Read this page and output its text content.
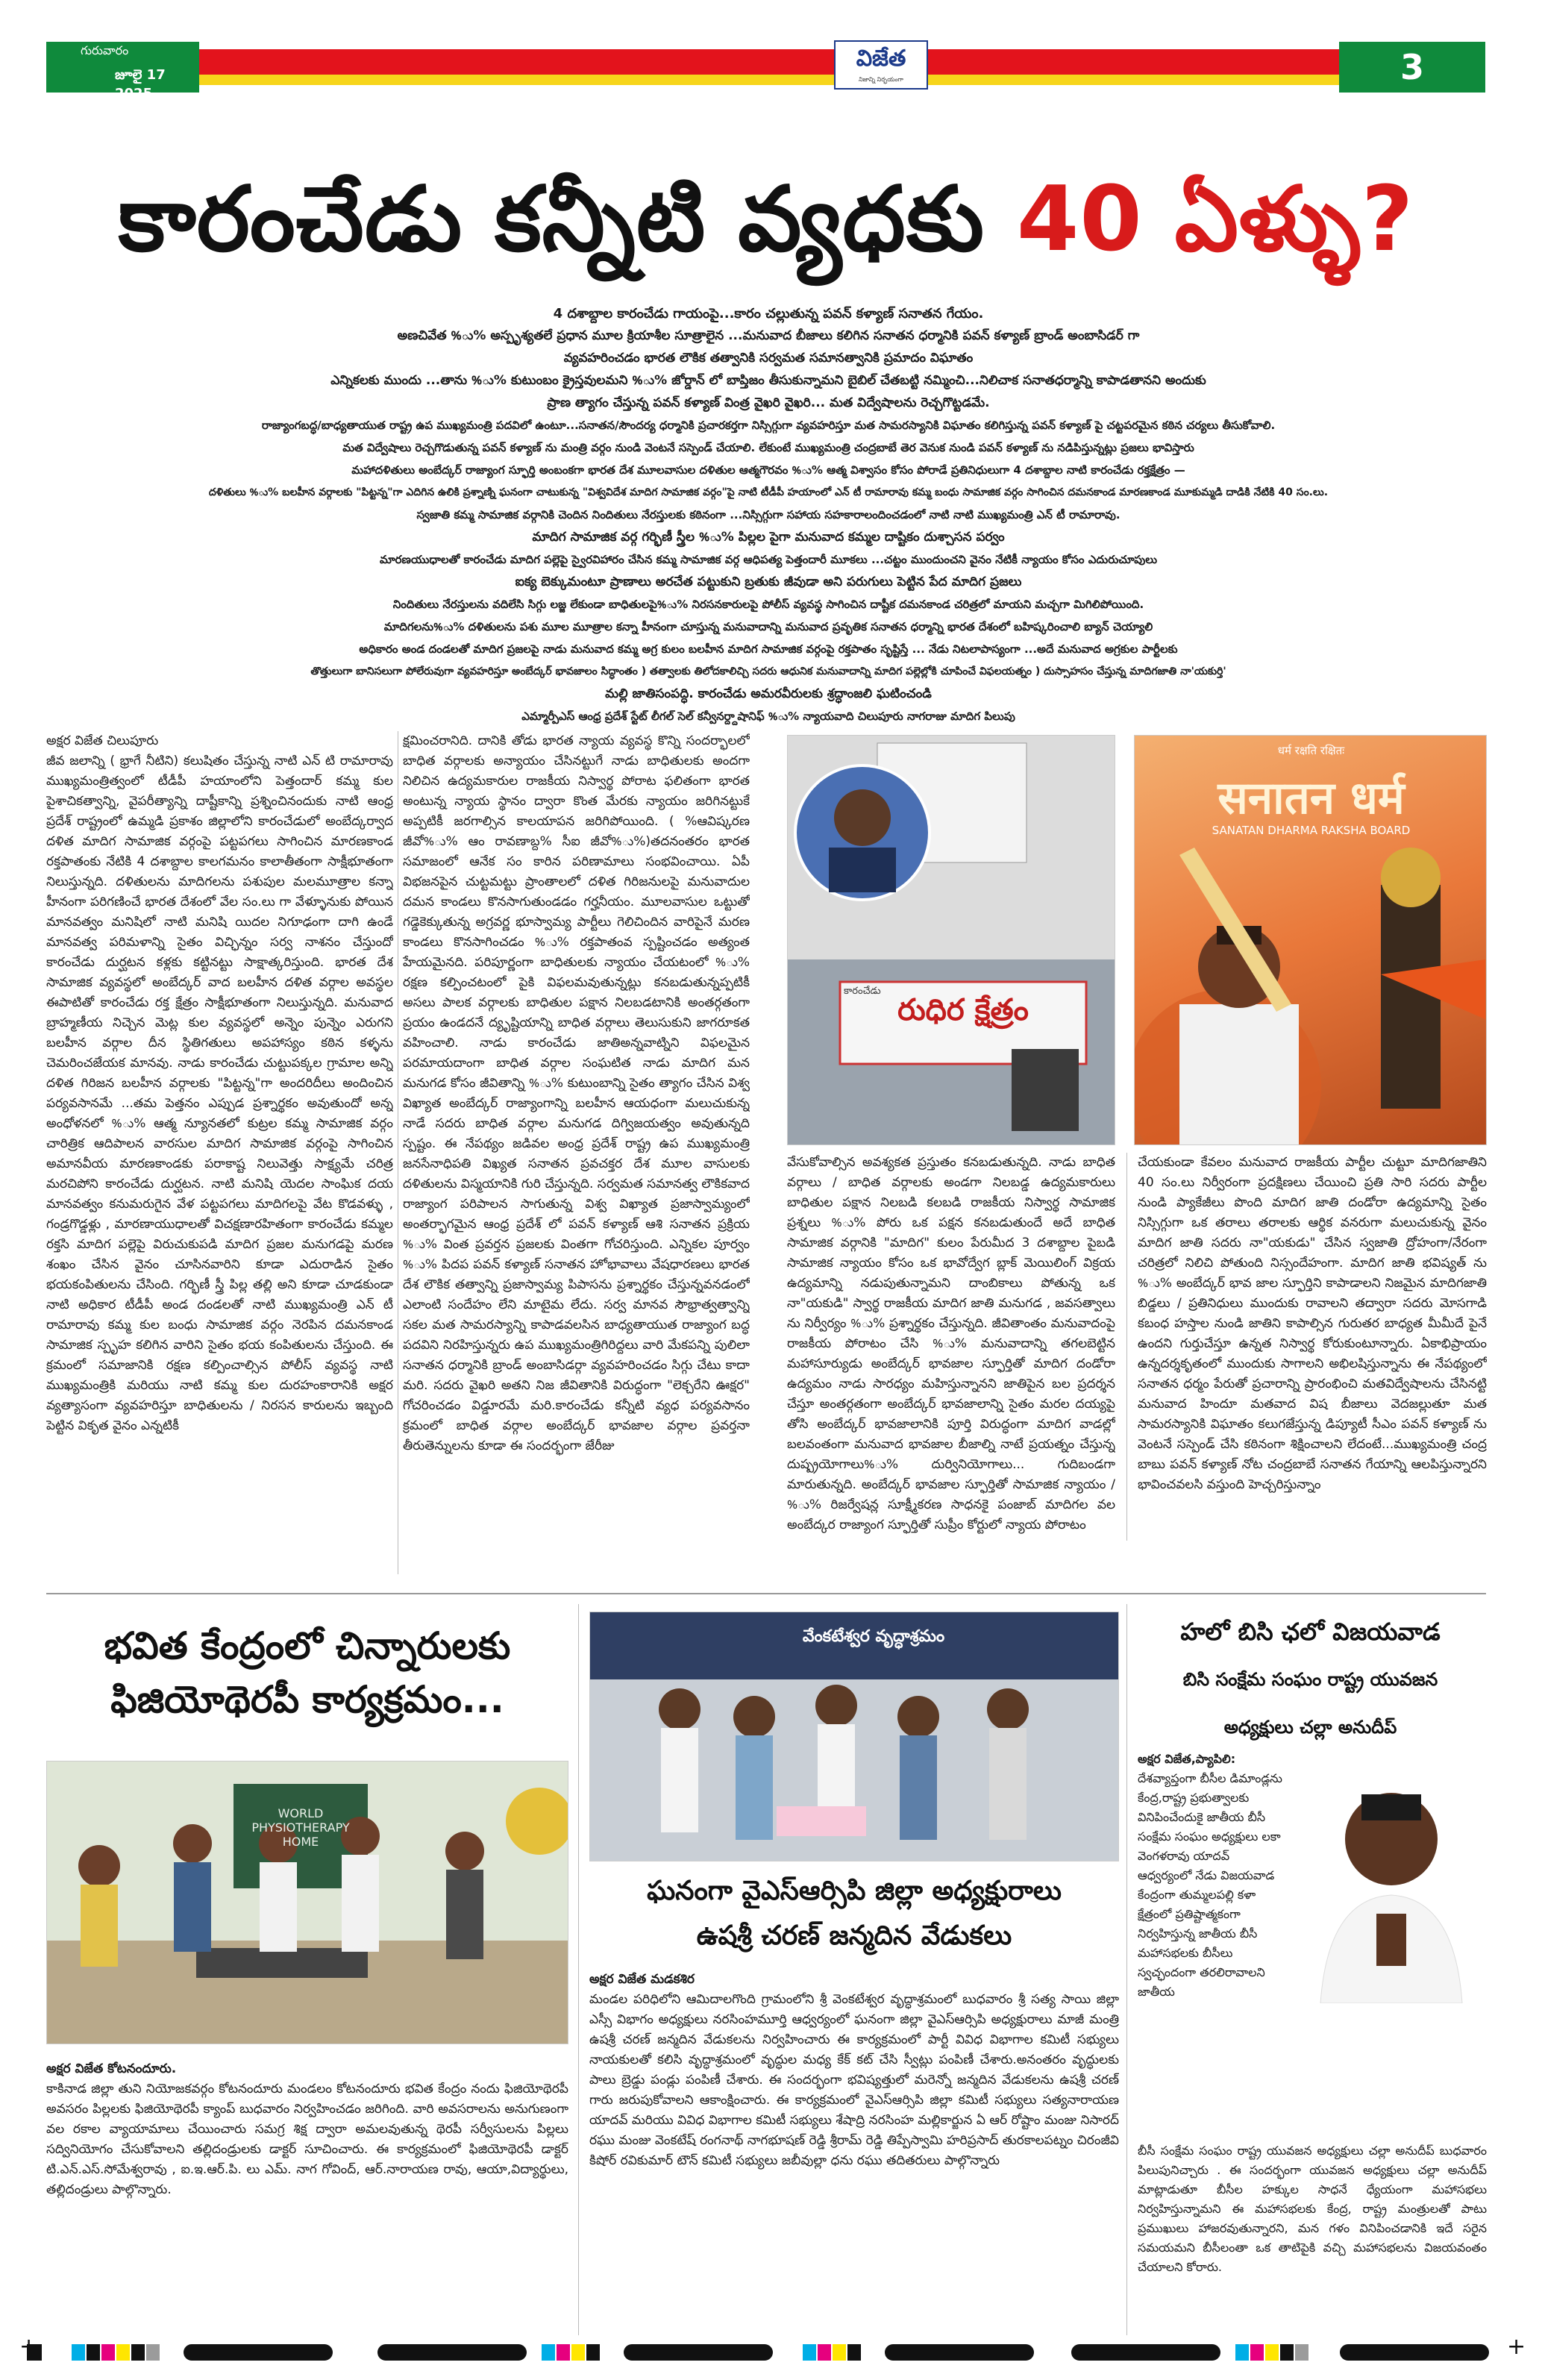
గురువారం
జూలై 17 2025
విజేత
నిజాన్ని నిర్భయంగా	3
కారంచేడు కన్నీటి వ్యధకు 40 ఏళ్ళు?
4 దశాబ్దాల కారంచేడు గాయంపై...కారం చల్లుతున్న పవన్ కళ్యాణ్ సనాతన గేయం.
అణచివేత %ు% అస్పృశ్యతలే ప్రధాన మూల క్రియాశీల సూత్రాలైన ...మనువాద బీజాలు కలిగిన సనాతన ధర్మానికి పవన్ కళ్యాణ్ బ్రాండ్ అంబాసిడర్ గా
వ్యవహరించడం భారత లౌకిక తత్వానికి సర్వమత సమానత్వానికి ప్రమాదం విఘాతం
ఎన్నికలకు ముందు ...తాను %ు% కుటుంబం క్రైస్తవులమని %ు% జోర్డాన్ లో బాప్తిజం తీసుకున్నామని బైబిల్ చేతబట్టి నమ్మించి...నిలిచాక సనాతధర్మాన్ని కాపాడతానని అందుకు
ప్రాణ త్యాగం చేస్తున్న పవన్ కళ్యాణ్ వింత్ర వైఖరి వైఖరి... మత విద్వేషాలను రెచ్చగొట్టడమే.
రాజ్యాంగబద్ధ/బాధ్యతాయుత రాష్ట్ర ఉప ముఖ్యమంత్రి పదవిలో ఉంటూ...సనాతన/సౌందర్య ధర్మానికి ప్రచారకర్తగా నిస్సిగ్గుగా వ్యవహరిస్తూ మత సామరస్యానికి విఘాతం కలిగిస్తున్న పవన్ కళ్యాణ్ పై చట్టపరమైన కఠిన చర్యలు తీసుకోవాలి.
మత విద్వేషాలు రెచ్చగొడుతున్న పవన్ కళ్యాణ్ ను మంత్రి వర్గం నుండి వెంటనే సస్పెండ్ చేయాలి. లేకుంటే ముఖ్యమంత్రి చంద్రబాబే తెర వెనుక నుండి పవన్ కళ్యాణ్ ను నడిపిస్తున్నట్లు ప్రజలు భావిస్తారు
మహాదళితులు అంబేద్కర్ రాజ్యాంగ స్ఫూర్తి అంబంకగా భారత దేశ మూలవాసుల దళితుల ఆత్మగౌరవం %ు% ఆత్మ విశ్వాసం కోసం పోరాడే ప్రతినిధులుగా 4 దశాబ్దాల నాటి కారంచేడు రక్తక్షేత్రం —
దళితులు %ు% బలహీన వర్గాలకు "పిట్టన్న"గా ఎదిగిన ఉలికి ప్రశ్నాణ్ని ఘనంగా చాటుకున్న "విశ్వవిదేశ మాదిగ సామాజిక వర్గం"పై నాటి టీడీపీ హయాంలో ఎన్ టీ రామారావు కమ్మ బంధు సామాజిక వర్గం సాగించిన దమనకాండ మారణకాండ మూకుమ్మడి దాడికి నేటికి 40 సం.లు.
స్వజాతి కమ్మ సామాజిక వర్గానికి చెందిన నిందితులు నేరస్తులకు కఠినంగా ...నిస్సిగ్గుగా సహాయ సహకారాలందించడంలో నాటి నాటి ముఖ్యమంత్రి ఎన్ టీ రామారావు.
మాదిగ సామాజిక వర్గ గర్భిణీ స్త్రీల %ు% పిల్లల పైగా మనువాద కమ్మల దాష్టికం దుశ్చాసన పర్వం
మారణయుధాలతో కారంచేడు మాదిగ పల్లెపై స్వైరవిహారం చేసిన కమ్మ సామాజిక వర్గ ఆధిపత్య పెత్తందారీ మూకలు ...చట్టం ముందుంచని వైనం నేటికీ న్యాయం కోసం ఎదురుచూపులు
ఐక్య బెక్కుమంటూ ప్రాణాలు అరచేత పట్టుకుని బ్రతుకు జీవుడా అని పరుగులు పెట్టిన పేద మాదిగ ప్రజలు
నిందితులు నేరస్తులను వదిలేసి సిగ్గు లజ్జ లేకుండా బాధితులపై%ు% నిరసనకారులపై పోలీస్ వ్యవస్థ సాగించిన దాష్టీక దమనకాండ చరిత్రలో మాయని మచ్చగా మిగిలిపోయింది.
మాదిగలను%ు% దళితులను పశు మూల మూత్రాల కన్నా హీనంగా చూస్తున్న మనువాదాన్ని మనువాద ప్రవృతిక సనాతన ధర్మాన్ని భారత దేశంలో బహిష్కరించాలి బ్యాన్ చెయ్యాలి
అధికారం అండ దండలతో మాదిగ ప్రజలపై నాడు మనువాద కమ్మ అగ్ర కులం బలహీన మాదిగ సామాజిక వర్గంపై రక్తపాతం సృష్టిస్తే ... నేడు నిటలాపాస్యంగా ...అదే మనువాద అగ్రకుల పార్టీలకు
తొత్తులుగా బానిసలుగా పోలేరువుగా వ్యవహరిస్తూ అంబేద్కర్ భావజాలం సిద్ధాంతం ) తత్వాలకు తిలోదకాలిచ్చి సదరు ఆధునిక మనువాదాన్ని మాదిగ పల్లెల్లోకి చూపించే విఫలయత్నం ) దుస్సాహసం చేస్తున్న మాదిగజాతి నా'యకుర్తి'
మల్లి జాతిసంపద్ధి. కారంచేడు అమరవీరులకు శ్రద్ధాంజలి ఘటించండి
ఎమ్మార్పీఎస్ ఆంధ్ర ప్రదేశ్ స్టేట్ లీగల్ సెల్ కన్వీనర్ద్దాషానిఫ్ %ు% న్యాయవాది చిలుపూరు నాగరాజు మాదిగ పిలుపు
అక్షర విజేత చిలుపూరు
జీవ జలాన్ని ( భ్రాగే నీటిని) కలుషితం చేస్తున్న నాటి ఎన్ టి రామారావు ముఖ్యమంత్రిత్వంలో టీడీపీ హయాంలోని పెత్తందార్ కమ్మ కుల పైశాచికత్వాన్ని, వైపరీత్యాన్ని దాష్టీకాన్ని ప్రశ్నించినందుకు నాటి ఆంధ్ర ప్రదేశ్ రాష్ట్రంలో ఉమ్మడి ప్రకాశం జిల్లాలోని కారంచేడులో అంబేద్కర్వాద దళిత మాదిగ సామాజిక వర్గంపై పట్టపగలు సాగించిన మారణకాండ రక్తపాతంకు నేటికి 4 దశాబ్దాల కాలగమనం కాలాతీతంగా సాక్షీభూతంగా నిలుస్తున్నది. దళితులను మాదిగలను పశుపుల మలమూత్రాల కన్నా హీనంగా పరిగణించే భారత దేశంలో వేల సం.లు గా వేళ్ళూనుకు పోయిన మానవత్వం మనిషిలో నాటి మనిషి యిదల నిగూఢంగా దాగి ఉండే మానవత్వ పరిమళాన్ని సైతం విచ్ఛిన్నం సర్వ నాశనం చేస్తుందో కారంచేడు దుర్ఘటన కళ్లకు కట్టినట్టు సాక్షాత్కరిస్తుంది. భారత దేశ సామాజిక వ్యవస్థలో అంబేద్కర్ వాద బలహీన దళిత వర్గాల అవస్థల ఈపాటితో కారంచేడు రక్త క్షేత్రం సాక్షీభూతంగా నిలుస్తున్నది. మనువాద బ్రాహ్మణీయ నిచ్చెన మెట్ల కుల వ్యవస్థలో అన్నెం పున్నెం ఎరుగని బలహీన వర్గాల దీన స్థితిగతులు అపహాస్యం కఠిన కళ్ళను చెమరించజేయక మానవు. నాడు కారంచేడు చుట్టుపక్కల గ్రామాల అన్ని దళిత గిరిజన బలహీన వర్గాలకు "పిట్టన్న"గా అందరిదీలు అందించిన పర్యవసానమే ...తమ పెత్తనం ఎప్పుడ ప్రశ్నార్థకం అవుతుందో అన్న అంధోళనలో %ు% ఆత్మ న్యూనతలో కుట్రల కమ్మ సామాజిక వర్గం చారిత్రిక ఆదిపాలన వారసుల మాదిగ సామాజిక వర్గంపై సాగించిన అమానవీయ మారణకాండకు పరాకాష్ట నిలువెత్తు సాక్ష్యమే చరిత్ర మరచిపోని కారంచేడు దుర్ఘటన. నాటి మనిషి యెదల సాంఘిక దయ మానవత్వం కనుమరుగైన వేళ పట్టపగలు మాదిగలపై వేట కొడవళ్ళు , గండ్రగొడ్డళ్లు , మారణాయుధాలతో విచక్షణారహితంగా కారంచేడు కమ్మల రక్తసి మాదిగ పల్లెపై విరుచుకుపడి మాదిగ ప్రజల మనుగడపై మరణ శంఖం చేసిన వైనం చూసినవారిని కూడా ఎదురాడిన సైతం భయకంపితులను చేసింది. గర్భిణీ స్త్రీ పిల్ల తల్లి అని కూడా చూడకుండా నాటి అధికార టీడీపీ అండ దండలతో నాటి ముఖ్యమంత్రి ఎన్ టీ రామారావు కమ్మ కుల బంధు సామాజిక వర్గం నెరపిన దమనకాండ సామాజిక స్పృహ కలిగిన వారిని సైతం భయ కంపితులను చేస్తుంది. ఈ క్రమంలో సమాజానికి రక్షణ కల్పించాల్సిన పోలీస్ వ్యవస్థ నాటి ముఖ్యమంత్రికి మరియు నాటి కమ్మ కుల దురహంకారానికి అక్షర వ్యత్యాసంగా వ్యవహరిస్తూ బాధితులను / నిరసన కారులను ఇబ్బంది పెట్టిన వికృత వైనం ఎన్నటికీ
క్షమించరానిది. దానికి తోడు భారత న్యాయ వ్యవస్థ కొన్ని సందర్భాలలో బాధిత వర్గాలకు అన్యాయం చేసినట్టుగే నాడు బాధితులకు అందగా నిలిచిన ఉద్యమకారుల రాజకీయ నిస్వార్థ పోరాట ఫలితంగా భారత అంటున్న న్యాయ స్థానం ద్వారా కొంత మేరకు న్యాయం జరిగినట్టుకే అప్పటికీ జరగాల్సిన కాలయాపన జరిగిపోయింది. ( %ఆవిష్కరణ జీవో%ు% ఆం రావణాబ్ద% సీఐ జీవో%ు%)తదనంతరం భారత సమాజంలో ఆనేక సం కారిన పరిణామాలు సంభవించాయి. ఏపీ విభజనపైన చుట్టమట్టు ప్రాంతాలలో దళిత గిరిజనులపై మనువాదుల దమన కాండలు కొనసాగుతుండడం గర్హనీయం. మూలవాసుల ఒట్టుతో గడ్డెకెక్కుతున్న అగ్రవర్ణ భూస్వామ్య పార్టీలు గెలిచిందిన వారిపైనే మరణ కాండలు కొనసాగించడం %ు% రక్తపాతంవ స్పష్టించడం అత్యంత హేయమైనది. పరిపూర్ణంగా బాధితులకు న్యాయం చేయటంలో %ు% రక్షణ కల్పించటంలో పైకి విఫలమవుతున్నట్లు కనబడుతున్నప్పటికీ అసలు పాలక వర్గాలకు బాధితుల పక్షాన నిలబడటానికి అంతర్గతంగా ప్రయం ఉండదనే ద్యృష్టియాన్ని బాధిత వర్గాలు తెలుసుకుని జాగరూకత వహించాలి. నాడు కారంచేడు జాతిఅన్నవాట్నిని విఫలమైన పరమాయదాంగా బాధిత వర్గాల సంఘటిత నాడు మాదిగ మన మనుగడ కోసం జీవితాన్ని %ు% కుటుంబాన్ని సైతం త్యాగం చేసిన విశ్వ విఖ్యాత అంబేద్కర్ రాజ్యాంగాన్ని బలహీన ఆయధంగా మలుచుకున్న నాడే సదరు బాధిత వర్గాల మనుగడ దిగ్విజయత్వం అవుతున్నది స్పష్టం. ఈ నేపథ్యం జడివల అంధ్ర ప్రదేశ్ రాష్ట్ర ఉప ముఖ్యమంత్రి జనసేనాధిపతి విఖ్యత సనాతన ప్రవచక్తర దేశ మూల వాసులకు దళితులను విస్మయానికి గురి చేస్తున్నది. సర్వమత సమానత్వ లౌకికవాద రాజ్యాంగ పరిపాలన సాగుతున్న విశ్వ విఖ్యాత ప్రజాస్వామ్యంలో అంతర్భాగమైన ఆంధ్ర ప్రదేశ్ లో పవన్ కళ్యాణ్ ఆశి సనాతన ప్రక్రియ %ు% వింత ప్రవర్తన ప్రజలకు వింతగా గోచరిస్తుంది. ఎన్నికల పూర్వం %ు% పిదప పవన్ కళ్యాణ్ సనాతన హోభావాలు వేషధారణలు భారత దేశ లౌకిక తత్వాన్ని ప్రజాస్వామ్య పిపాసను ప్రశ్నార్థకం చేస్తున్నవనడంలో ఎలాంటి సందేహం లేని మాటైమ లేదు. సర్వ మానవ సౌభ్రాత్వత్వాన్ని సకల మత సామరస్యాన్ని కాపాడవలసిన బాధ్యతాయుత రాజ్యాంగ బద్ధ పదవిని నిరహిస్తున్నరు ఉప ముఖ్యమంత్రిగిరిద్దలు వారి మేకపన్ని పులిలా సనాతన ధర్మానికి బ్రాండ్ అంబాసిడర్గా వ్యవహరించడం సిగ్గు చేటు కాదా మరి. సదరు వైఖరి అతని నిజ జీవితానికి విరుద్ధంగా "లెక్చరేని ఊక్షర" గోచరించడం విడ్డూరమే మరి.కారంచేడు కన్నీటి వ్యధ పర్యవసానం క్రమంలో బాధిత వర్గాల అంబేద్కర్ భావజాల వర్గాల ప్రవర్తనా తీరుతెన్నులను కూడా ఈ సందర్భంగా జేరీజు
వేసుకోవాల్సిన అవశ్యకత ప్రస్తుతం కనబడుతున్నది. నాడు బాధిత వర్గాలు / బాధిత వర్గాలకు అండగా నిలబడ్డ ఉద్యమకారులు బాధితుల పక్షాన నిలబడి కలబడి రాజకీయ నిస్వార్థ సామాజిక ప్రశ్నలు %ు% పోరు ఒక పక్షన కనబడుతుందే అదే బాధిత సామాజిక వర్గానికి "మాదిగ" కులం పేరుమీద 3 దశాబ్దాల పైబడి సామాజిక న్యాయం కోసం ఒక భావోద్వేగ బ్లాక్ మెయిలింగ్ విక్రయ ఉద్యమాన్ని నడుపుతున్నామని దాంబికాలు పోతున్న ఒక నా"యకుడి" స్వార్థ రాజకీయ మాదిగ జాతి మనుగడ , జవసత్వాలు ను నిర్వీర్యం %ు% ప్రశ్నార్థకం చేస్తున్నది. జీవితాంతం మనువాదంపై రాజకీయ పోరాటం చేసి %ు% మనువాదాన్ని తగలబెట్టిన మహాసూర్యుడు అంబేద్కర్ భావజాల స్ఫూర్తితో మాదిగ దండోరా ఉద్యమం నాడు సారధ్యం మహిస్తున్నానని జాతిపైన బల ప్రదర్శన చేస్తూ అంతర్గతంగా అంబేద్కర్ భావజాలాన్ని సైతం మరల దయ్యపై తోసి అంబేద్కర్ భావజాలానికి పూర్తి విరుద్ధంగా మాదిగ వాడల్లో బలవంతంగా మనువాద భావజాల బీజాల్ని నాటే ప్రయత్నం చేస్తున్న దుష్ప్రయోగాలు%ు% దుర్వినియోగాలు... గుదిబండగా మారుతున్నది. అంబేద్కర్ భావజాల స్ఫూర్తితో సామాజిక న్యాయం / %ు% రిజర్వేషన్ల సూక్ష్మీకరణ సాధనకై పంజాబ్ మాదిగల వల అంబేద్కర రాజ్యాంగ స్ఫూర్తితో సుప్రీం కోర్టులో న్యాయ పోరాటం
చేయకుండా కేవలం మనువాద రాజకీయ పార్టీల చుట్టూ మాదిగజాతిని 40 సం.లు నిర్వీరంగా ప్రదక్షిణలు చేయించి ప్రతి సారి సదరు పార్టీల నుండి ప్యాకేజీలు పొంది మాదిగ జాతి దండోరా ఉద్యమాన్ని సైతం నిస్సిగ్గుగా ఒక తరాలు తరాలకు ఆర్థిక వనరుగా మలుచుకున్న వైనం మాదిగ జాతి సదరు నా"యకుడు" చేసిన స్వజాతి ద్రోహంగా/నేరంగా చరిత్రలో నిలిచి పోతుంది నిస్సందేహంగా. మాదిగ జాతి భవిష్యత్ ను %ు% అంబేద్కర్ భావ జాల స్ఫూర్తిని కాపాడాలని నిజమైన మాదిగజాతి బిడ్డలు / ప్రతినిధులు ముందుకు రావాలని తద్వారా సదరు మోసగాడి కబంధ హస్తాల నుండి జాతిని కాపాల్సిన గురుతర బాధ్యత మీమీదే పైనే ఉందని గుర్తుచేస్తూ ఉన్నత నిస్వార్థ కోరుకుంటూన్నారు. ఏకాభిప్రాయం ఉన్నదర్శకృతంలో ముందుకు సాగాలని అభిలషిస్తున్నాను ఈ నేపథ్యంలో సనాతన ధర్మం పేరుతో ప్రచారాన్ని ప్రారంభించి మతవిద్వేషాలను చేసినట్టి మనువాద హిందూ మతవాద విష బీజాలు వెదజల్లుతూ మత సామరస్యానికి విఘాతం కలుగజేస్తున్న డిప్యూటీ సీఎం పవన్ కళ్యాణ్ ను వెంటనే సస్పెండ్ చేసి కఠినంగా శిక్షించాలని లేదంటే...ముఖ్యమంత్రి చంద్ర బాబు పవన్ కళ్యాణ్ నోట చంద్రబాబే సనాతన గేయాన్ని ఆలపిస్తున్నారని భావించవలసి వస్తుంది హెచ్చరిస్తున్నాం
రుధిర క్షేత్రం
కారంచేడు
धर्म रक्षति रक्षितः
सनातन धर्म
SANATAN DHARMA RAKSHA BOARD
భవిత కేంద్రంలో చిన్నారులకు
ఫిజియోథెరపీ కార్యక్రమం...
WORLD PHYSIOTHERAPY HOME

అక్షర విజేత కోటనందూరు.

కాకినాడ జిల్లా తుని నియోజకవర్గం కోటనందూరు మండలం కోటనందూరు భవిత కేంద్రం నందు ఫిజియోథెరపీ అవసరం పిల్లలకు ఫిజియోథెరపీ క్యాంప్ బుధవారం నిర్వహించడం జరిగింది. వారి అవసరాలను అనుగుణంగా వల రకాల వ్యాయామాలు చేయించారు సమగ్ర శిక్ష ద్వారా అమలవుతున్న థెరపీ సర్వీసులను పిల్లలు సద్వినియోగం చేసుకోవాలని తల్లిదండ్రులకు డాక్టర్ సూచించారు. ఈ కార్యక్రమంలో ఫిజియోథెరపీ డాక్టర్ టి.ఎన్.ఎస్.సోమేశ్వరావు , ఐ.ఇ.ఆర్.పి. లు ఎమ్. నాగ గోవింద్, ఆర్.నారాయణ రావు, ఆయా,విద్యార్థులు, తల్లిదండ్రులు పాల్గొన్నారు.

వేంకటేశ్వర వృద్ధాశ్రమం
ఘనంగా వైఎస్ఆర్సిపి జిల్లా అధ్యక్షురాలు
ఉషశ్రీ చరణ్ జన్మదిన వేడుకలు

అక్షర విజేత మడకశిర

మండల పరిధిలోని ఆమిదాలగొంది గ్రామంలోని శ్రీ వెంకటేశ్వర వృద్ధాశ్రమంలో బుధవారం శ్రీ సత్య సాయి జిల్లా ఎస్సీ విభాగం అధ్యక్షులు నరసింహమూర్తి ఆధ్వర్యంలో ఘనంగా జిల్లా వైఎస్ఆర్సిపి అధ్యక్షురాలు మాజీ మంత్రి ఉషశ్రీ చరణ్ జన్మదిన వేడుకలను నిర్వహించారు ఈ కార్యక్రమంలో పార్టీ వివిధ విభాగాల కమిటీ సభ్యులు నాయకులతో కలిసి వృద్ధాశ్రమంలో వృద్ధుల మధ్య కేక్ కట్ చేసి స్వీట్లు పంపిణీ చేశారు.అనంతరం వృద్ధులకు పాలు బ్రెడ్డు పండ్లు పంపిణీ చేశారు. ఈ సందర్భంగా భవిష్యత్తులో మరెన్నో జన్మదిన వేడుకలను ఉషశ్రీ చరణ్ గారు జరుపుకోవాలని ఆకాంక్షించారు. ఈ కార్యక్రమంలో వైఎస్ఆర్సిపి జిల్లా కమిటీ సభ్యులు సత్యనారాయణ యాదవ్ మరియు వివిధ విభాగాల కమిటీ సభ్యులు శేషాద్రి నరసింహ మల్లికార్జున ఏ ఆర్ రోష్టాం మంజు నిసారద్ రఘు మంజు వెంకటేష్ రంగనాథ్ నాగభూషణ్ రెడ్డి శ్రీరామ్ రెడ్డి తిప్పేస్వామి హరిప్రసాద్ తురకాలపట్నం చిరంజీవి కిషోర్ రవికుమార్ టౌన్ కమిటీ సభ్యులు జబీవుల్లా ధను రఘు తదితరులు పాల్గొన్నారు

హలో బిసి ఛలో విజయవాడ
బిసి సంక్షేమ సంఘం రాష్ట్ర యువజన
అధ్యక్షులు చల్లా అనుదీప్

అక్షర విజేత,ప్యాపిలి:

దేశవ్యాప్తంగా బీసీల డిమాండ్లను కేంద్ర,రాష్ట్ర ప్రభుత్వాలకు వినిపించేందుకై జాతీయ బీసీ సంక్షేమ సంఘం అధ్యక్షులు లకా వెంగళరావు యాదవ్ ఆధ్వర్యంలో నేడు విజయవాడ కేంద్రంగా తుమ్మలపల్లి కళా క్షేత్రంలో ప్రతిష్టాత్మకంగా నిర్వహిస్తున్న జాతీయ బీసీ మహాసభలకు బీసీలు స్వచ్ఛందంగా తరలిరావాలని జాతీయ

బీసీ సంక్షేమ సంఘం రాష్ట్ర యువజన అధ్యక్షులు చల్లా అనుదీప్ బుధవారం పిలుపునిచ్చారు . ఈ సందర్భంగా యువజన అధ్యక్షులు చల్లా అనుదీప్ మాట్లాడుతూ బీసీల హక్కుల సాధనే ధ్యేయంగా మహాసభలు నిర్వహిస్తున్నామని ఈ మహాసభలకు కేంద్ర, రాష్ట్ర మంత్రులతో పాటు ప్రముఖులు హాజరవుతున్నారని, మన గళం వినిపించడానికి ఇదే సరైన సమయమని బీసీలంతా ఒక తాటిపైకి వచ్చి మహాసభలను విజయవంతం చేయాలని కోరారు.
+	+
